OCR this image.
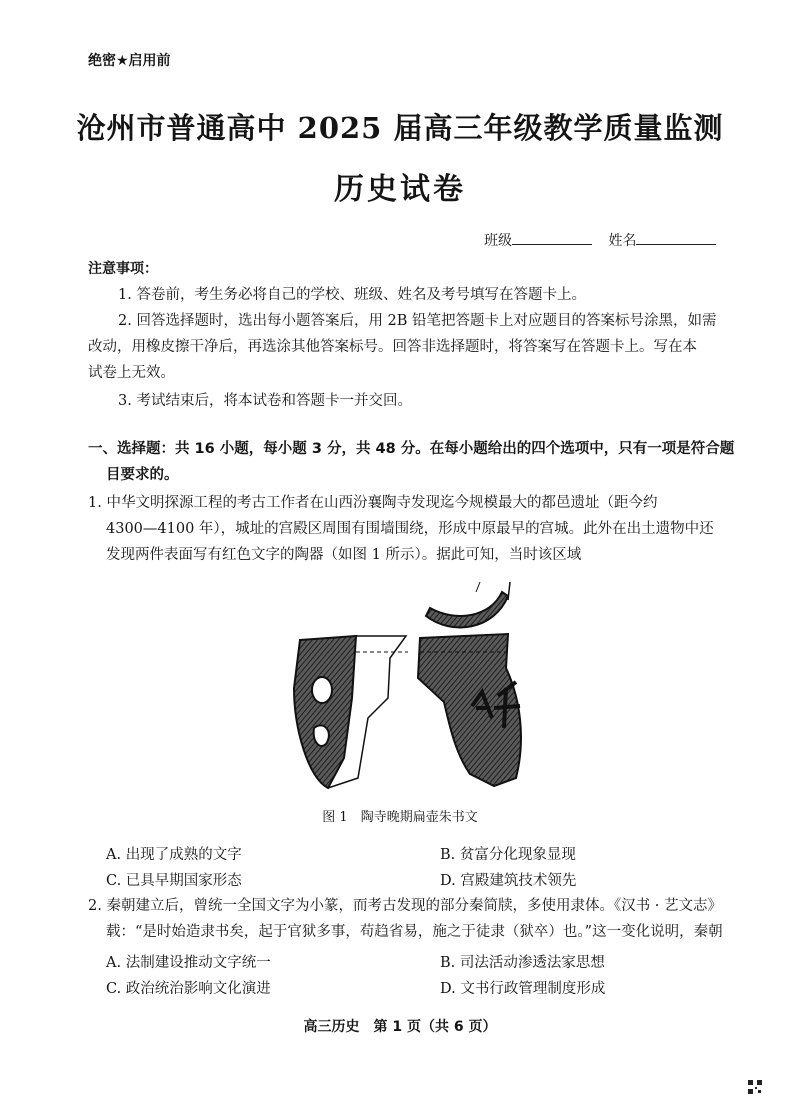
绝密★启用前
沧州市普通高中 2025 届高三年级教学质量监测
历史试卷
班级	姓名
注意事项：
1. 答卷前，考生务必将自己的学校、班级、姓名及考号填写在答题卡上。
2. 回答选择题时，选出每小题答案后，用 2B 铅笔把答题卡上对应题目的答案标号涂黑，如需
改动，用橡皮擦干净后，再选涂其他答案标号。回答非选择题时，将答案写在答题卡上。写在本
试卷上无效。
3. 考试结束后，将本试卷和答题卡一并交回。
一、选择题：共 16 小题，每小题 3 分，共 48 分。在每小题给出的四个选项中，只有一项是符合题
目要求的。
1. 中华文明探源工程的考古工作者在山西汾襄陶寺发现迄今规模最大的都邑遗址（距今约
4300—4100 年），城址的宫殿区周围有围墙围绕，形成中原最早的宫城。此外在出土遗物中还
发现两件表面写有红色文字的陶器（如图 1 所示）。据此可知，当时该区域
图 1　陶寺晚期扁壶朱书文
A. 出现了成熟的文字	B. 贫富分化现象显现
C. 已具早期国家形态	D. 宫殿建筑技术领先
2. 秦朝建立后，曾统一全国文字为小篆，而考古发现的部分秦简牍，多使用隶体。《汉书 · 艺文志》
载：“是时始造隶书矣，起于官狱多事，苟趋省易，施之于徒隶（狱卒）也。”这一变化说明，秦朝
A. 法制建设推动文字统一	B. 司法活动渗透法家思想
C. 政治统治影响文化演进	D. 文书行政管理制度形成
高三历史　第 1 页（共 6 页）
